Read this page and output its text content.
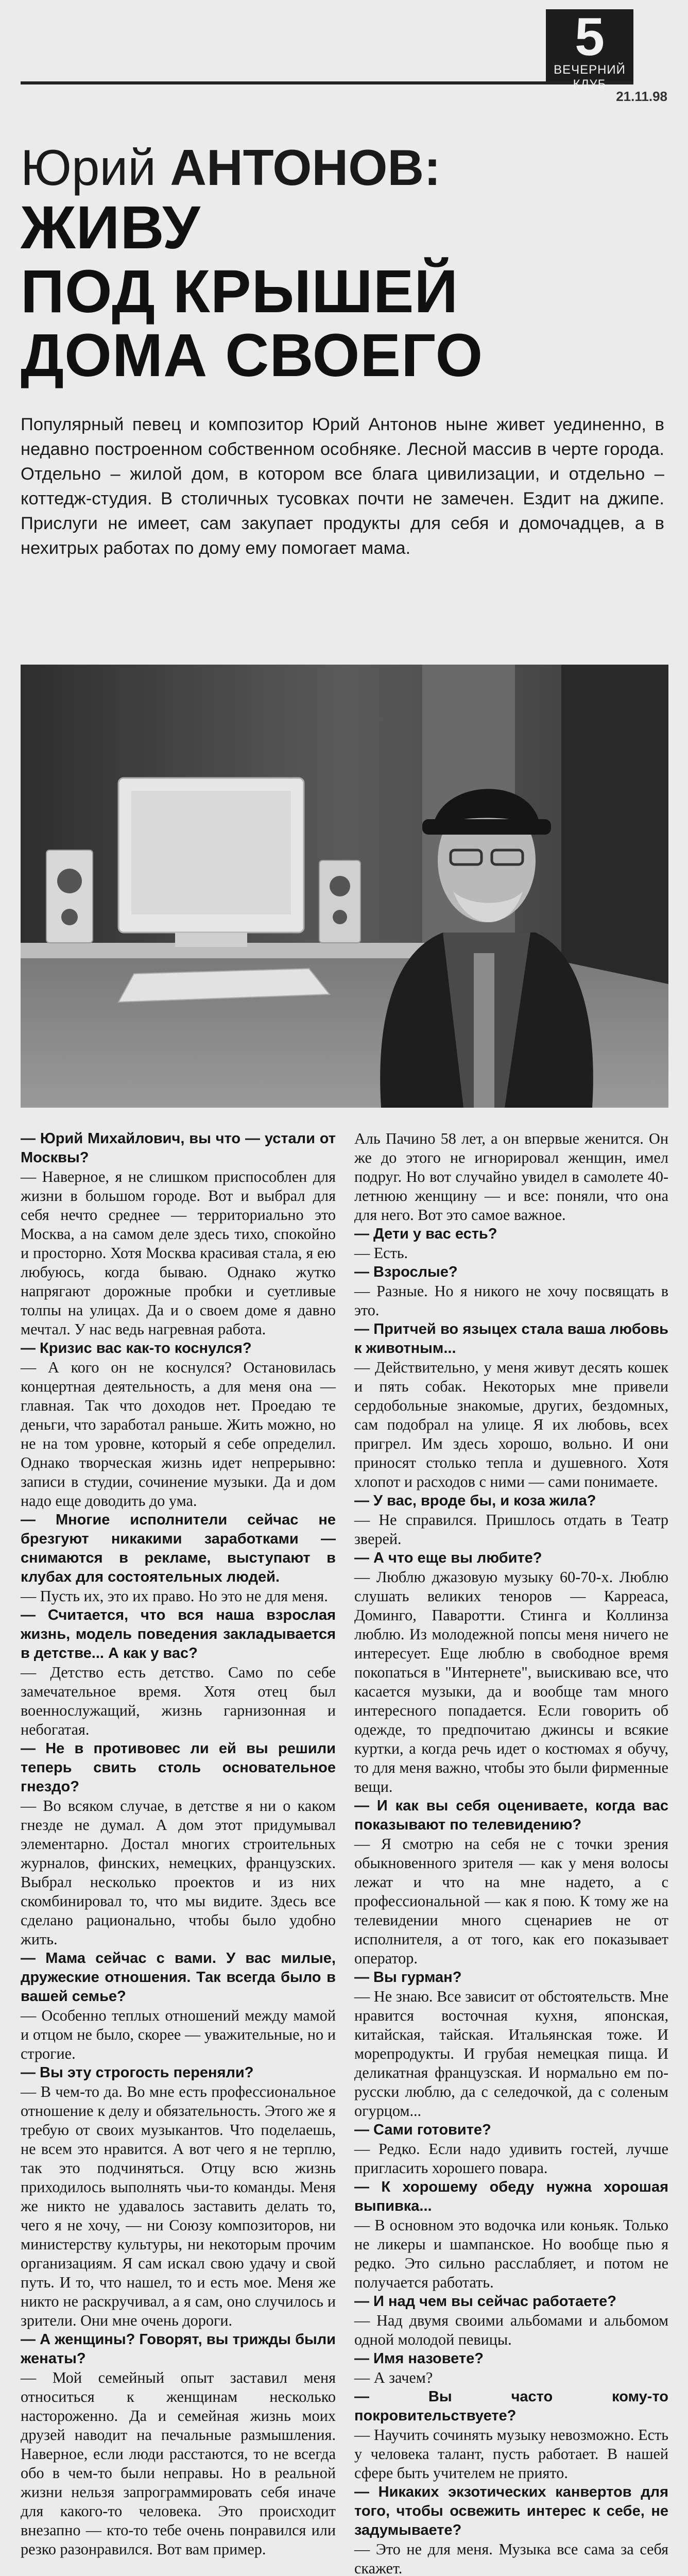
5
ВЕЧЕРНИЙ КЛУБ
21.11.98

Юрий АНТОНОВ:

ЖИВУ

ПОД КРЫШЕЙ

ДОМА СВОЕГО

Популярный певец и композитор Юрий Антонов ныне живет уединенно, в недавно построенном собственном особняке. Лесной массив в черте города. Отдельно – жилой дом, в котором все блага цивилизации, и отдельно – коттедж-студия. В столичных тусовках почти не замечен. Ездит на джипе. Прислуги не имеет, сам закупает продукты для себя и домочадцев, а в нехитрых работах по дому ему помогает мама.

— Юрий Михайлович, вы что — устали от Москвы?

— Наверное, я не слишком приспособлен для жизни в большом городе. Вот и выбрал для себя нечто среднее — территориально это Москва, а на самом деле здесь тихо, спокойно и просторно. Хотя Москва красивая стала, я ею любуюсь, когда бываю. Однако жутко напрягают дорожные пробки и суетливые толпы на улицах. Да и о своем доме я давно мечтал. У нас ведь нагревная работа.

— Кризис вас как-то коснулся?

— А кого он не коснулся? Остановилась концертная деятельность, а для меня она — главная. Так что доходов нет. Проедаю те деньги, что заработал раньше. Жить можно, но не на том уровне, который я себе определил. Однако творческая жизнь идет непрерывно: записи в студии, сочинение музыки. Да и дом надо еще доводить до ума.

— Многие исполнители сейчас не брезгуют никакими заработками — снимаются в рекламе, выступают в клубах для состоятельных людей.

— Пусть их, это их право. Но это не для меня.

— Считается, что вся наша взрослая жизнь, модель поведения закладывается в детстве... А как у вас?

— Детство есть детство. Само по себе замечательное время. Хотя отец был военнослужащий, жизнь гарнизонная и небогатая.

— Не в противовес ли ей вы решили теперь свить столь основательное гнездо?

— Во всяком случае, в детстве я ни о каком гнезде не думал. А дом этот придумывал элементарно. Достал многих строительных журналов, финских, немецких, французских. Выбрал несколько проектов и из них скомбинировал то, что мы видите. Здесь все сделано рационально, чтобы было удобно жить.

— Мама сейчас с вами. У вас милые, дружеские отношения. Так всегда было в вашей семье?

— Особенно теплых отношений между мамой и отцом не было, скорее — уважительные, но и строгие.

— Вы эту строгость переняли?

— В чем-то да. Во мне есть профессиональное отношение к делу и обязательность. Этого же я требую от своих музыкантов. Что поделаешь, не всем это нравится. А вот чего я не терплю, так это подчиняться. Отцу всю жизнь приходилось выполнять чьи-то команды. Меня же никто не удавалось заставить делать то, чего я не хочу, — ни Союзу композиторов, ни министерству культуры, ни некоторым прочим организациям. Я сам искал свою удачу и свой путь. И то, что нашел, то и есть мое. Меня же никто не раскручивал, а я сам, оно случилось и зрители. Они мне очень дороги.

— А женщины? Говорят, вы трижды были женаты?

— Мой семейный опыт заставил меня относиться к женщинам несколько настороженно. Да и семейная жизнь моих друзей наводит на печальные размышления. Наверное, если люди расстаются, то не всегда обо в чем-то были неправы. Но в реальной жизни нельзя запрограммировать себя иначе для какого-то человека. Это происходит внезапно — кто-то тебе очень понравился или резко разонравился. Вот вам пример.

Аль Пачино 58 лет, а он впервые женится. Он же до этого не игнорировал женщин, имел подруг. Но вот случайно увидел в самолете 40-летнюю женщину — и все: поняли, что она для него. Вот это самое важное.

— Дети у вас есть?

— Есть.

— Взрослые?

— Разные. Но я никого не хочу посвящать в это.

— Притчей во языцех стала ваша любовь к животным...

— Действительно, у меня живут десять кошек и пять собак. Некоторых мне привели сердобольные знакомые, других, бездомных, сам подобрал на улице. Я их любовь, всех пригрел. Им здесь хорошо, вольно. И они приносят столько тепла и душевного. Хотя хлопот и расходов с ними — сами понимаете.

— У вас, вроде бы, и коза жила?

— Не справился. Пришлось отдать в Театр зверей.

— А что еще вы любите?

— Люблю джазовую музыку 60-70-х. Люблю слушать великих теноров — Карреаса, Доминго, Паваротти. Стинга и Коллинза люблю. Из молодежной попсы меня ничего не интересует. Еще люблю в свободное время покопаться в "Интернете", выискиваю все, что касается музыки, да и вообще там много интересного попадается. Если говорить об одежде, то предпочитаю джинсы и всякие куртки, а когда речь идет о костюмах я обучу, то для меня важно, чтобы это были фирменные вещи.

— И как вы себя оцениваете, когда вас показывают по телевидению?

— Я смотрю на себя не с точки зрения обыкновенного зрителя — как у меня волосы лежат и что на мне надето, а с профессиональной — как я пою. К тому же на телевидении много сценариев не от исполнителя, а от того, как его показывает оператор.

— Вы гурман?

— Не знаю. Все зависит от обстоятельств. Мне нравится восточная кухня, японская, китайская, тайская. Итальянская тоже. И морепродукты. И грубая немецкая пища. И деликатная французская. И нормально ем по-русски люблю, да с селедочкой, да с соленым огурцом...

— Сами готовите?

— Редко. Если надо удивить гостей, лучше пригласить хорошего повара.

— К хорошему обеду нужна хорошая выпивка...

— В основном это водочка или коньяк. Только не ликеры и шампанское. Но вообще пью я редко. Это сильно расслабляет, и потом не получается работать.

— И над чем вы сейчас работаете?

— Над двумя своими альбомами и альбомом одной молодой певицы.

— Имя назовете?

— А зачем?

— Вы часто кому-то покровительствуете?

— Научить сочинять музыку невозможно. Есть у человека талант, пусть работает. В нашей сфере быть учителем не приято.

— Никаких экзотических канвертов для того, чтобы освежить интерес к себе, не задумываете?

— Это не для меня. Музыка все сама за себя скажет.
